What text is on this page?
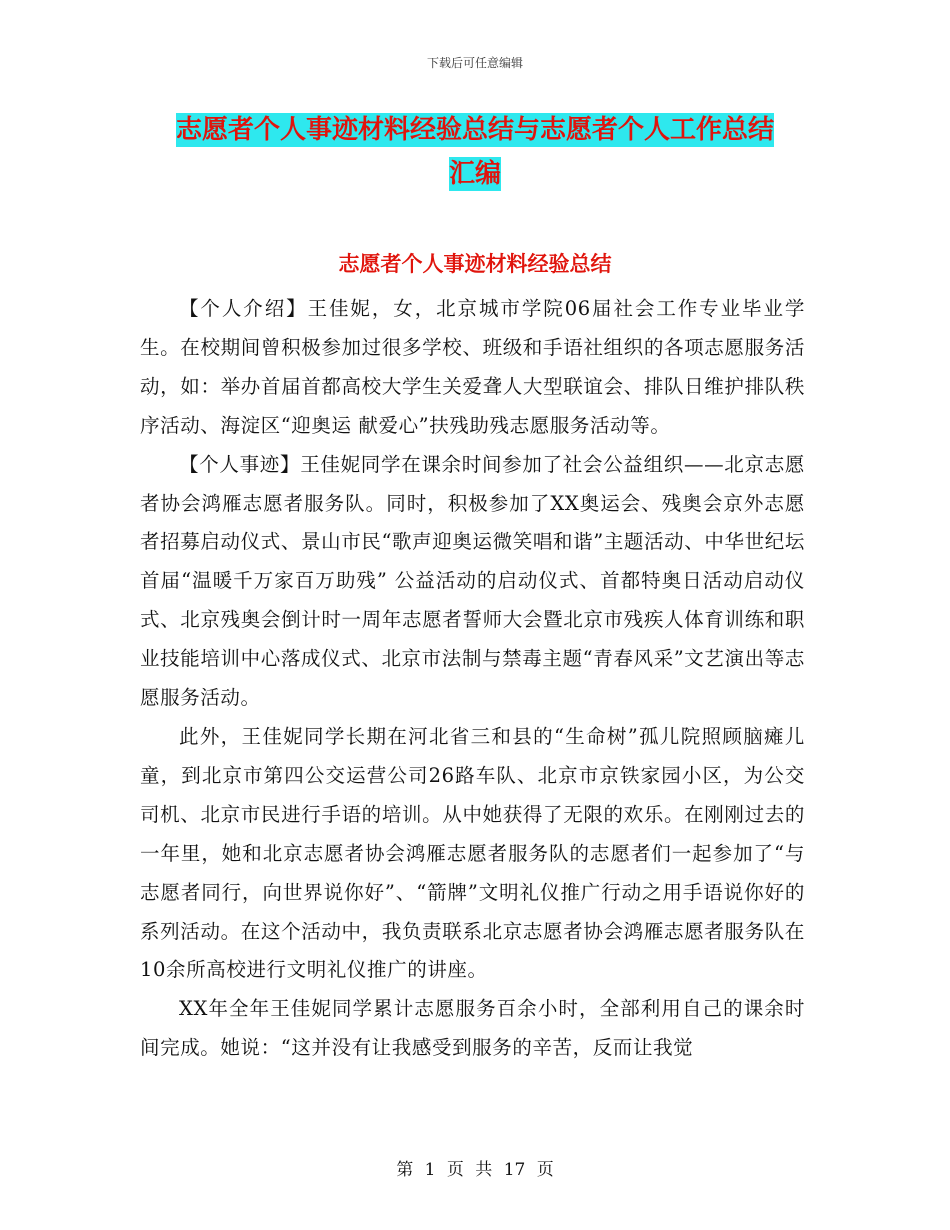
下载后可任意编辑
志愿者个人事迹材料经验总结与志愿者个人工作总结
汇编
志愿者个人事迹材料经验总结

【个人介绍】王佳妮，女，北京城市学院06届社会工作专业毕业学生。在校期间曾积极参加过很多学校、班级和手语社组织的各项志愿服务活动，如：举办首届首都高校大学生关爱聋人大型联谊会、排队日维护排队秩序活动、海淀区“迎奥运 献爱心”扶残助残志愿服务活动等。

【个人事迹】王佳妮同学在课余时间参加了社会公益组织——北京志愿者协会鸿雁志愿者服务队。同时，积极参加了XX奥运会、残奥会京外志愿者招募启动仪式、景山市民“歌声迎奥运微笑唱和谐”主题活动、中华世纪坛首届“温暖千万家百万助残” 公益活动的启动仪式、首都特奥日活动启动仪式、北京残奥会倒计时一周年志愿者誓师大会暨北京市残疾人体育训练和职业技能培训中心落成仪式、北京市法制与禁毒主题“青春风采”文艺演出等志愿服务活动。

此外，王佳妮同学长期在河北省三和县的“生命树”孤儿院照顾脑瘫儿童，到北京市第四公交运营公司26路车队、北京市京铁家园小区，为公交司机、北京市民进行手语的培训。从中她获得了无限的欢乐。在刚刚过去的一年里，她和北京志愿者协会鸿雁志愿者服务队的志愿者们一起参加了“与志愿者同行，向世界说你好”、“箭牌”文明礼仪推广行动之用手语说你好的系列活动。在这个活动中，我负责联系北京志愿者协会鸿雁志愿者服务队在10余所高校进行文明礼仪推广的讲座。

XX年全年王佳妮同学累计志愿服务百余小时，全部利用自己的课余时间完成。她说：“这并没有让我感受到服务的辛苦，反而让我觉

第 1 页 共 17 页
